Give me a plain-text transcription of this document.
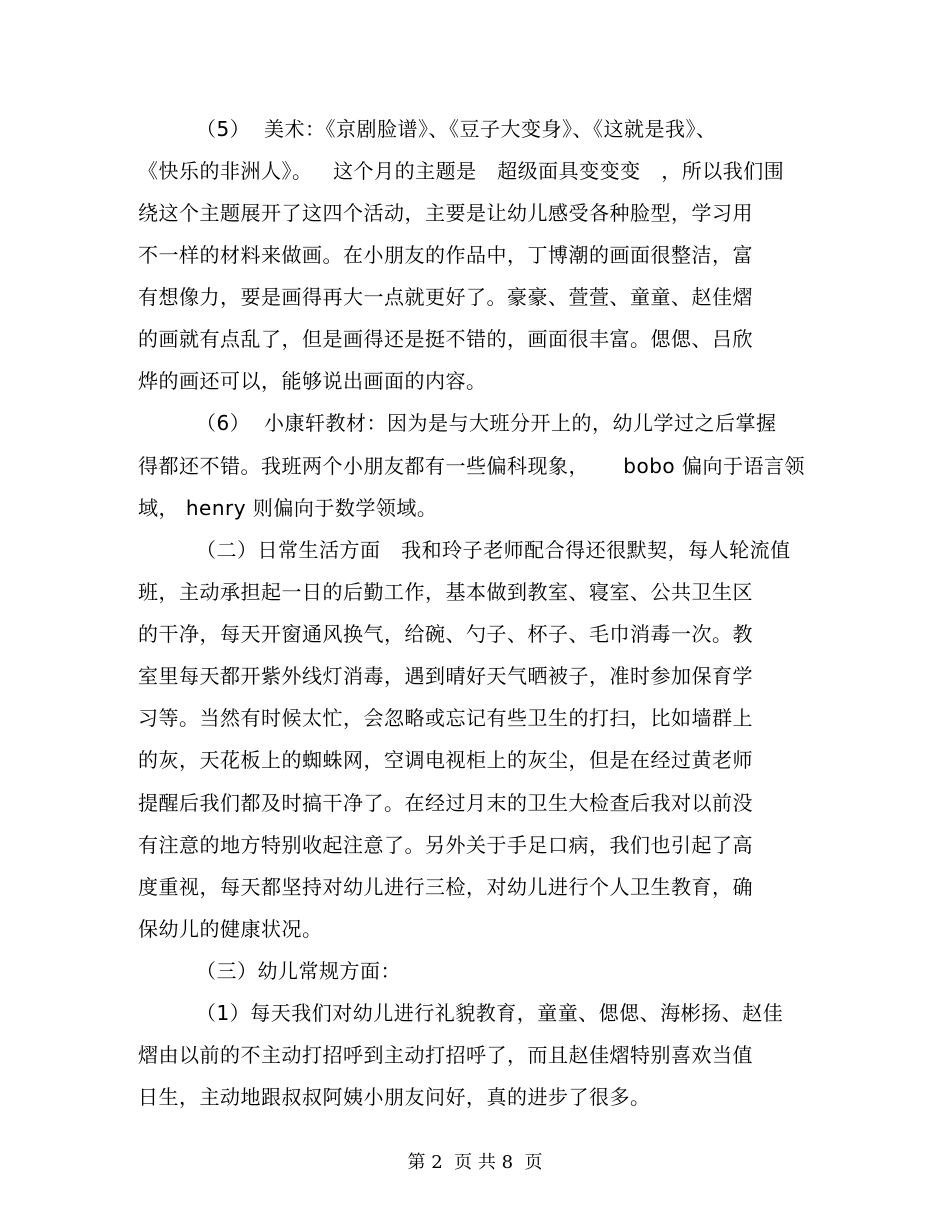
（5）  美术：《京剧脸谱》、《豆子大变身》、《这就是我》、
《快乐的非洲人》。   这个月的主题是   超级面具变变变   ，所以我们围
绕这个主题展开了这四个活动，主要是让幼儿感受各种脸型，学习用
不一样的材料来做画。在小朋友的作品中，丁博潮的画面很整洁，富
有想像力，要是画得再大一点就更好了。豪豪、萱萱、童童、赵佳熠
的画就有点乱了，但是画得还是挺不错的，画面很丰富。偲偲、吕欣
烨的画还可以，能够说出画面的内容。
（6）  小康轩教材：因为是与大班分开上的，幼儿学过之后掌握
得都还不错。我班两个小朋友都有一些偏科现象，     bobo 偏向于语言领
域， henry 则偏向于数学领域。
（二）日常生活方面   我和玲子老师配合得还很默契，每人轮流值
班，主动承担起一日的后勤工作，基本做到教室、寝室、公共卫生区
的干净，每天开窗通风换气，给碗、勺子、杯子、毛巾消毒一次。教
室里每天都开紫外线灯消毒，遇到晴好天气晒被子，准时参加保育学
习等。当然有时候太忙，会忽略或忘记有些卫生的打扫，比如墙群上
的灰，天花板上的蜘蛛网，空调电视柜上的灰尘，但是在经过黄老师
提醒后我们都及时搞干净了。在经过月末的卫生大检查后我对以前没
有注意的地方特别收起注意了。另外关于手足口病，我们也引起了高
度重视，每天都坚持对幼儿进行三检，对幼儿进行个人卫生教育，确
保幼儿的健康状况。
（三）幼儿常规方面：
（1）每天我们对幼儿进行礼貌教育，童童、偲偲、海彬扬、赵佳
熠由以前的不主动打招呼到主动打招呼了，而且赵佳熠特别喜欢当值
日生，主动地跟叔叔阿姨小朋友问好，真的进步了很多。
第 2  页 共 8  页
